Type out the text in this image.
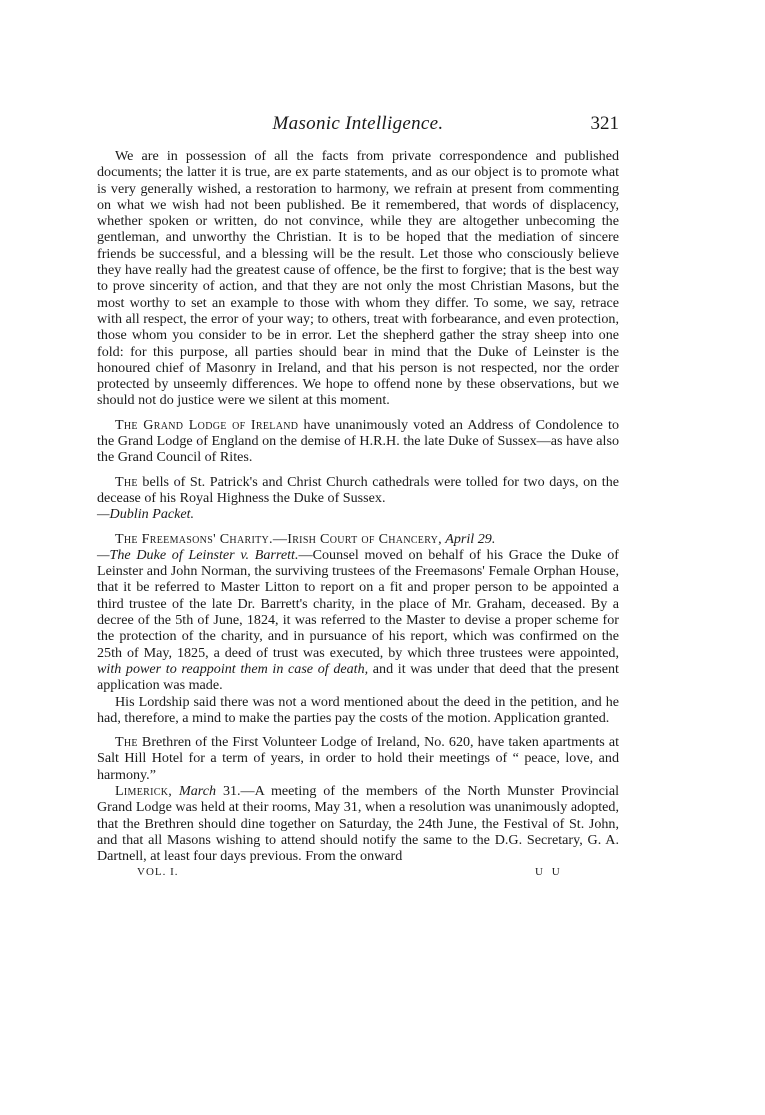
Masonic Intelligence.	321

We are in possession of all the facts from private correspondence and published documents; the latter it is true, are ex parte statements, and as our object is to promote what is very generally wished, a restoration to harmony, we refrain at present from commenting on what we wish had not been published. Be it remembered, that words of displacency, whether spoken or written, do not convince, while they are altogether unbecoming the gentleman, and unworthy the Christian. It is to be hoped that the mediation of sincere friends be successful, and a blessing will be the result. Let those who consciously believe they have really had the greatest cause of offence, be the first to forgive; that is the best way to prove sincerity of action, and that they are not only the most Christian Masons, but the most worthy to set an example to those with whom they differ. To some, we say, retrace with all respect, the error of your way; to others, treat with forbearance, and even protection, those whom you consider to be in error. Let the shepherd gather the stray sheep into one fold: for this purpose, all parties should bear in mind that the Duke of Leinster is the honoured chief of Masonry in Ireland, and that his person is not respected, nor the order protected by unseemly differences. We hope to offend none by these observations, but we should not do justice were we silent at this moment.

The Grand Lodge of Ireland have unanimously voted an Address of Condolence to the Grand Lodge of England on the demise of H.R.H. the late Duke of Sussex—as have also the Grand Council of Rites.

The bells of St. Patrick's and Christ Church cathedrals were tolled for two days, on the decease of his Royal Highness the Duke of Sussex.
—Dublin Packet.

The Freemasons' Charity.—Irish Court of Chancery, April 29.
—The Duke of Leinster v. Barrett.—Counsel moved on behalf of his Grace the Duke of Leinster and John Norman, the surviving trustees of the Freemasons' Female Orphan House, that it be referred to Master Litton to report on a fit and proper person to be appointed a third trustee of the late Dr. Barrett's charity, in the place of Mr. Graham, deceased. By a decree of the 5th of June, 1824, it was referred to the Master to devise a proper scheme for the protection of the charity, and in pursuance of his report, which was confirmed on the 25th of May, 1825, a deed of trust was executed, by which three trustees were appointed, with power to reappoint them in case of death, and it was under that deed that the present application was made.

His Lordship said there was not a word mentioned about the deed in the petition, and he had, therefore, a mind to make the parties pay the costs of the motion. Application granted.

The Brethren of the First Volunteer Lodge of Ireland, No. 620, have taken apartments at Salt Hill Hotel for a term of years, in order to hold their meetings of “ peace, love, and harmony.”

Limerick, March 31.—A meeting of the members of the North Munster Provincial Grand Lodge was held at their rooms, May 31, when a resolution was unanimously adopted, that the Brethren should dine together on Saturday, the 24th June, the Festival of St. John, and that all Masons wishing to attend should notify the same to the D.G. Secretary, G. A. Dartnell, at least four days previous. From the onward

VOL. I.	U U
